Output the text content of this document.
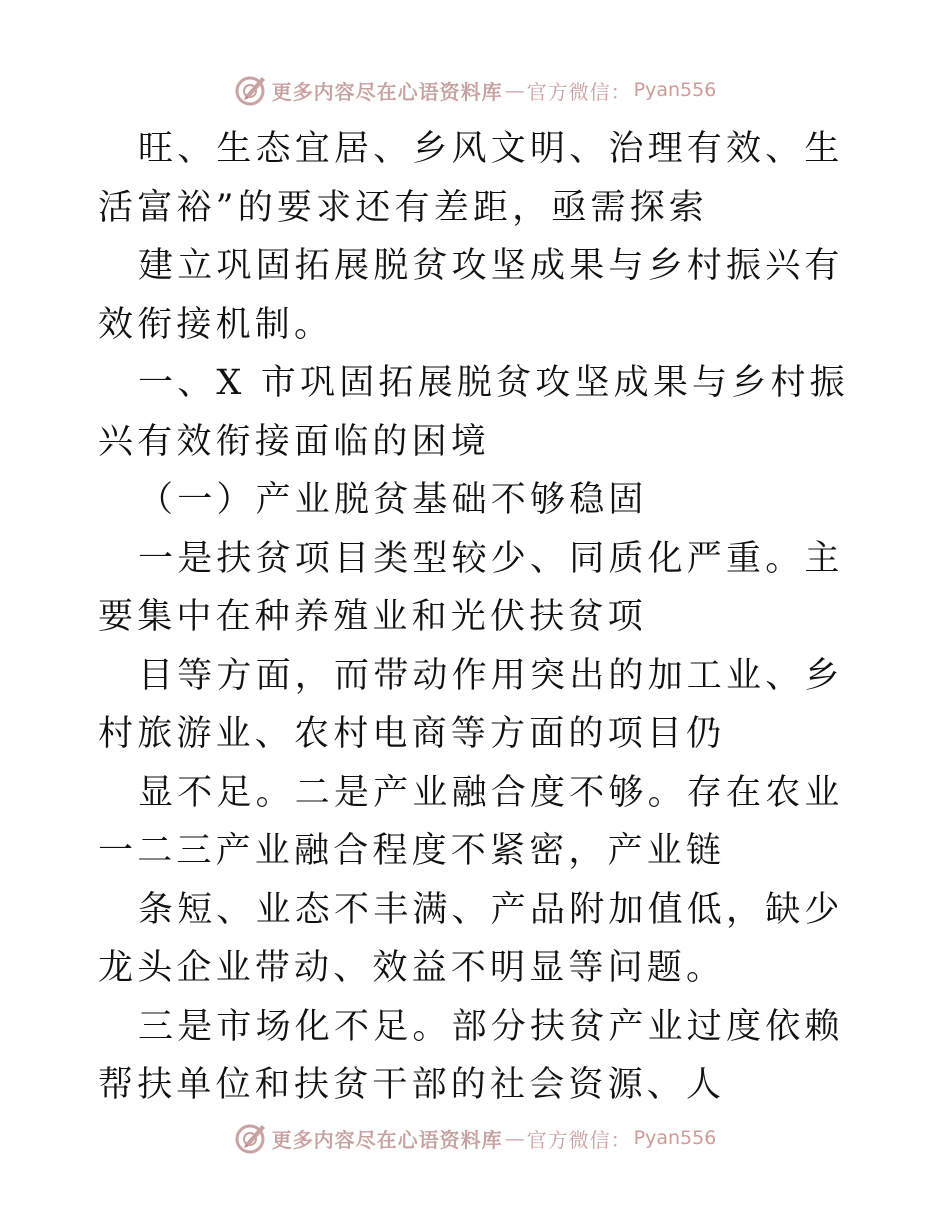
更多内容尽在心语资料库 — 官方微信： Pyan556

旺、生态宜居、乡风文明、治理有效、生活富裕”的要求还有差距，亟需探索

建立巩固拓展脱贫攻坚成果与乡村振兴有效衔接机制。

一、X 市巩固拓展脱贫攻坚成果与乡村振兴有效衔接面临的困境

（一）产业脱贫基础不够稳固

一是扶贫项目类型较少、同质化严重。主要集中在种养殖业和光伏扶贫项

目等方面，而带动作用突出的加工业、乡村旅游业、农村电商等方面的项目仍

显不足。二是产业融合度不够。存在农业一二三产业融合程度不紧密，产业链

条短、业态不丰满、产品附加值低，缺少龙头企业带动、效益不明显等问题。

三是市场化不足。部分扶贫产业过度依赖帮扶单位和扶贫干部的社会资源、人

更多内容尽在心语资料库 — 官方微信： Pyan556
